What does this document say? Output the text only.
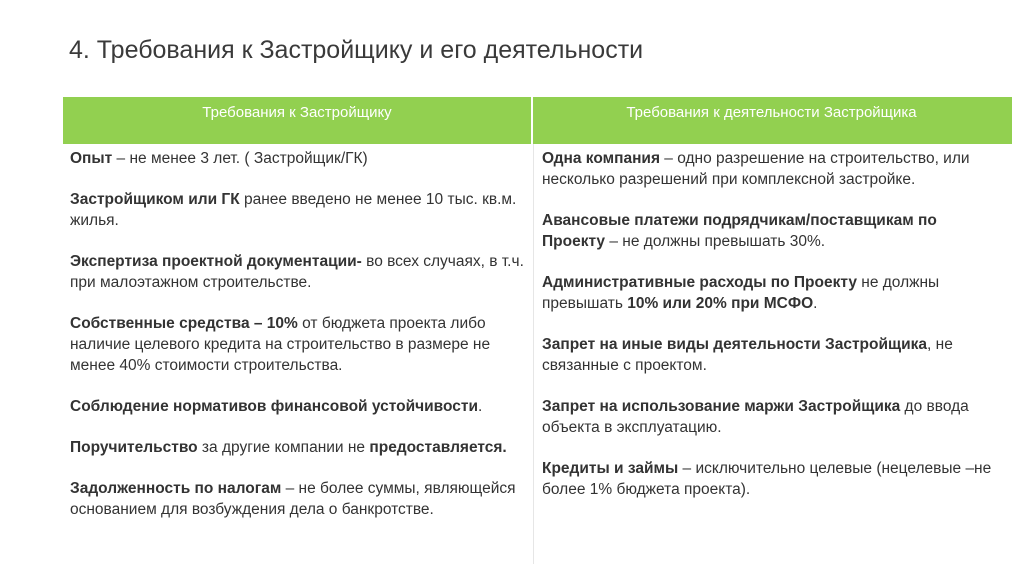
4. Требования к Застройщику и его деятельности
Требования к Застройщику	Требования к деятельности Застройщика
Опыт – не менее 3 лет. ( Застройщик/ГК)
Застройщиком или ГК ранее введено не менее 10 тыс. кв.м. жилья.
Экспертиза проектной документации- во всех случаях, в т.ч. при малоэтажном строительстве.
Собственные средства – 10% от бюджета проекта либо наличие целевого кредита на строительство в размере не менее 40% стоимости строительства.
Соблюдение нормативов финансовой устойчивости.
Поручительство за другие компании не предоставляется.
Задолженность по налогам – не более суммы, являющейся основанием для возбуждения дела о банкротстве.
Одна компания – одно разрешение на строительство, или несколько разрешений при комплексной застройке.
Авансовые платежи подрядчикам/поставщикам по Проекту – не должны превышать 30%.
Административные расходы по Проекту не должны превышать 10% или 20% при МСФО.
Запрет на иные виды деятельности Застройщика, не связанные с проектом.
Запрет на использование маржи Застройщика до ввода объекта в эксплуатацию.
Кредиты и займы – исключительно целевые (нецелевые –не более 1% бюджета проекта).
